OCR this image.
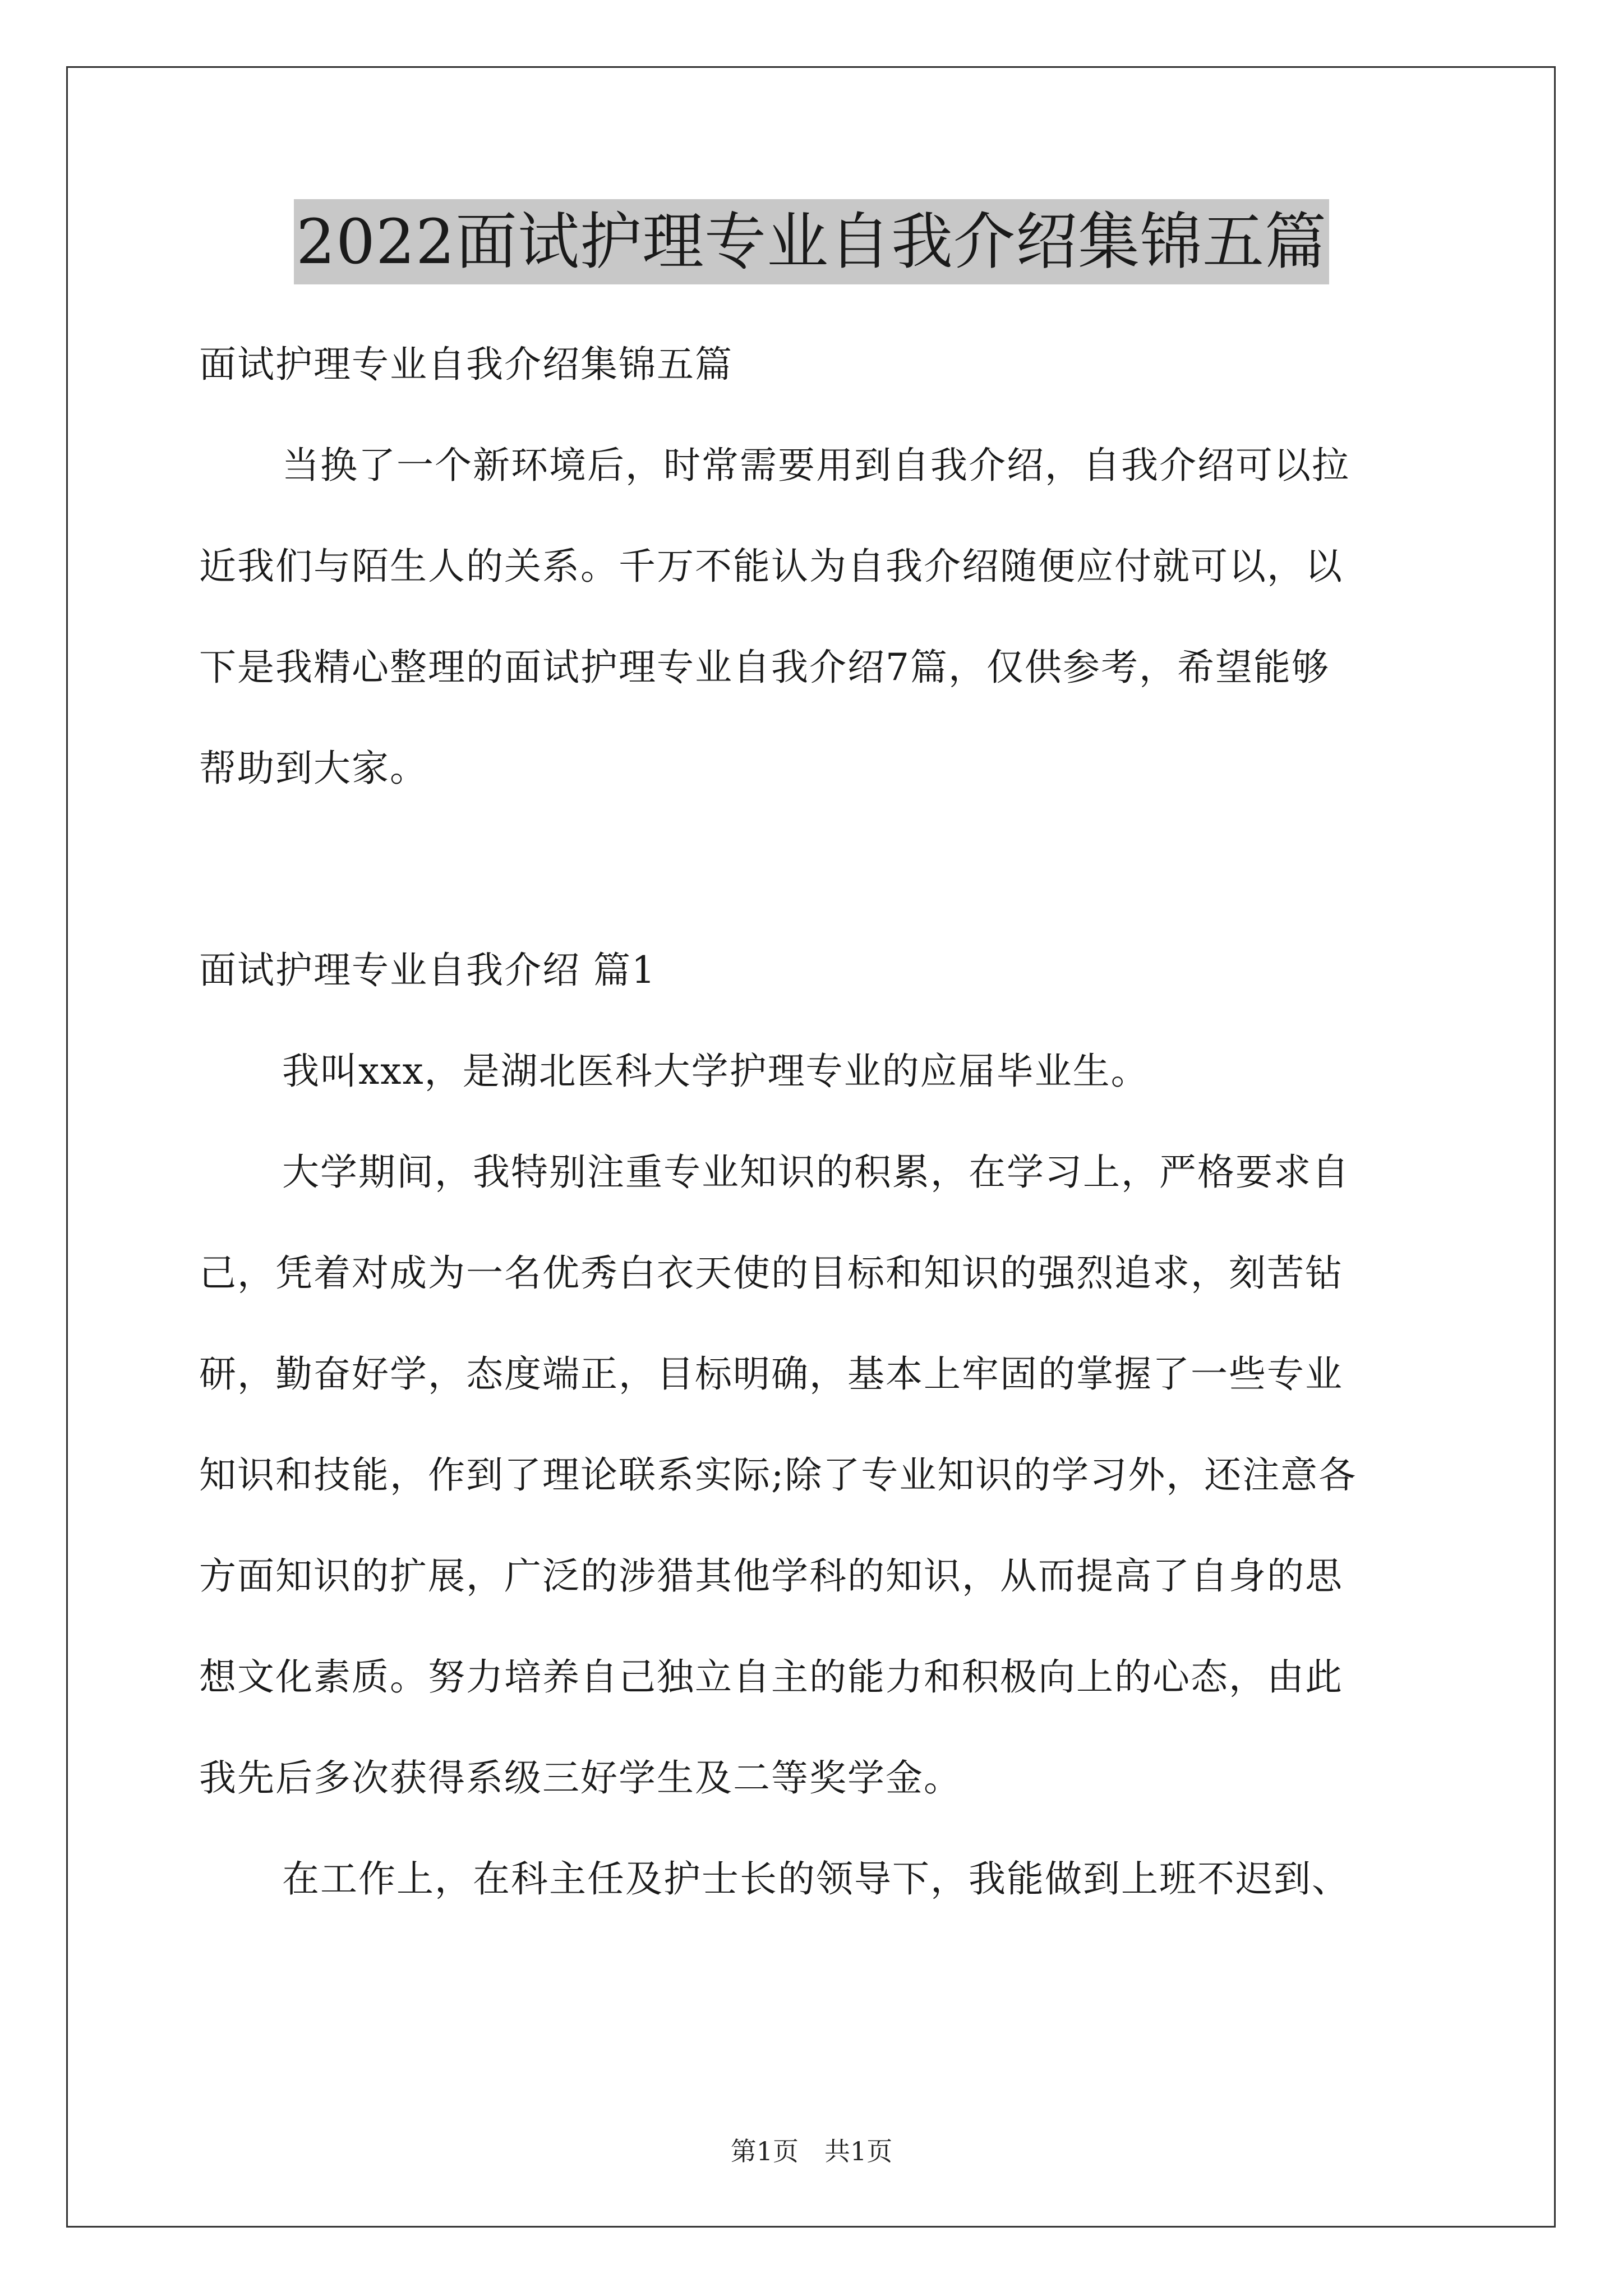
2022面试护理专业自我介绍集锦五篇
面试护理专业自我介绍集锦五篇
当换了一个新环境后，时常需要用到自我介绍，自我介绍可以拉
近我们与陌生人的关系。千万不能认为自我介绍随便应付就可以，以
下是我精心整理的面试护理专业自我介绍7篇，仅供参考，希望能够
帮助到大家。
面试护理专业自我介绍 篇1
我叫xxx，是湖北医科大学护理专业的应届毕业生。
大学期间，我特别注重专业知识的积累，在学习上，严格要求自
己，凭着对成为一名优秀白衣天使的目标和知识的强烈追求，刻苦钻
研，勤奋好学，态度端正，目标明确，基本上牢固的掌握了一些专业
知识和技能，作到了理论联系实际;除了专业知识的学习外，还注意各
方面知识的扩展，广泛的涉猎其他学科的知识，从而提高了自身的思
想文化素质。努力培养自己独立自主的能力和积极向上的心态，由此
我先后多次获得系级三好学生及二等奖学金。
在工作上，在科主任及护士长的领导下，我能做到上班不迟到、
第1页　共1页
